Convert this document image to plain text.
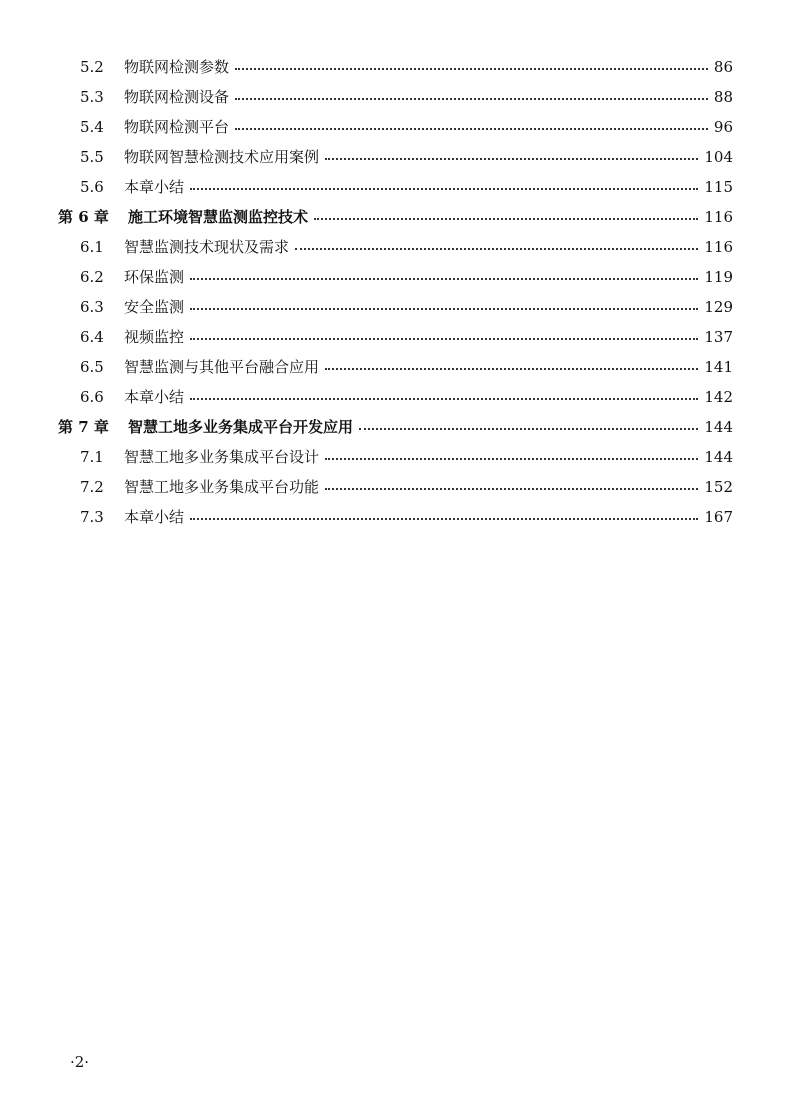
5.2	物联网检测参数	86
5.3	物联网检测设备	88
5.4	物联网检测平台	96
5.5	物联网智慧检测技术应用案例	104
5.6	本章小结	115
第 6 章	施工环境智慧监测监控技术	116
6.1	智慧监测技术现状及需求	116
6.2	环保监测	119
6.3	安全监测	129
6.4	视频监控	137
6.5	智慧监测与其他平台融合应用	141
6.6	本章小结	142
第 7 章	智慧工地多业务集成平台开发应用	144
7.1	智慧工地多业务集成平台设计	144
7.2	智慧工地多业务集成平台功能	152
7.3	本章小结	167
·2·
